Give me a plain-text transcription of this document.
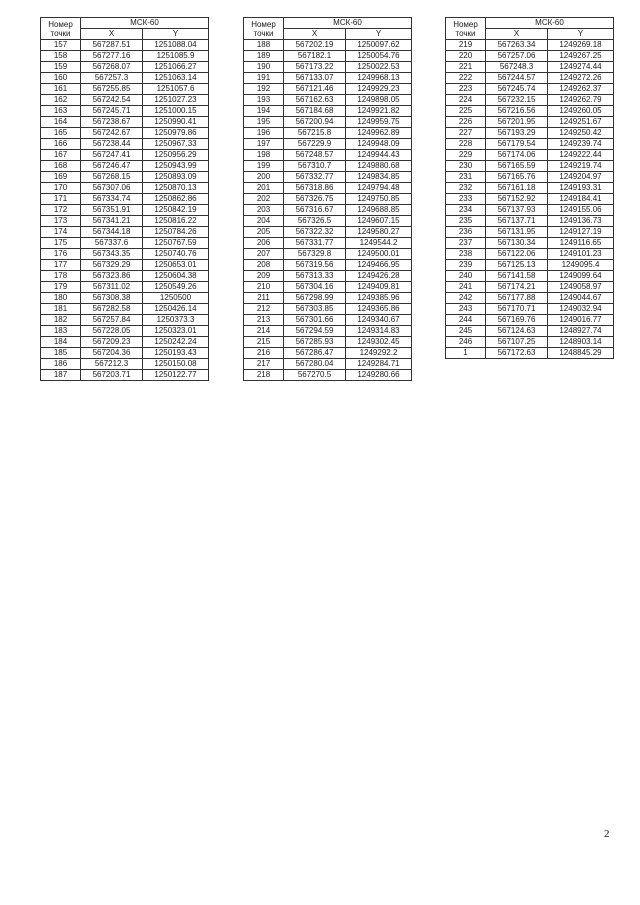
Номер
точки	МСК-60	
	X	Y
157	567287.51	1251088.04
158	567277.16	1251085.9
159	567268.07	1251066.27
160	567257.3	1251063.14
161	567255.85	1251057.6
162	567242.54	1251027.23
163	567245.71	1251000.15
164	567238.67	1250990.41
165	567242.67	1250979.86
166	567238.44	1250967.33
167	567247.41	1250956.29
168	567246.47	1250943.99
169	567268.15	1250893.09
170	567307.06	1250870.13
171	567334.74	1250862.86
172	567351.91	1250842.19
173	567341.21	1250816.22
174	567344.18	1250784.26
175	567337.6	1250767.59
176	567343.35	1250740.76
177	567329.29	1250653.01
178	567323.86	1250604.38
179	567311.02	1250549.26
180	567308.38	1250500
181	567282.58	1250426.14
182	567257.84	1250373.3
183	567228.05	1250323.01
184	567209.23	1250242.24
185	567204.36	1250193.43
186	567212.3	1250150.08
187	567203.71	1250122.77
Номер
точки	МСК-60	
	X	Y
188	567202.19	1250097.62
189	567182.1	1250054.76
190	567173.22	1250022.53
191	567133.07	1249968.13
192	567121.46	1249929.23
193	567162.63	1249898.05
194	567184.68	1249921.82
195	567200.94	1249959.75
196	567215.8	1249962.89
197	567229.9	1249948.09
198	567248.57	1249944.43
199	567310.7	1249880.68
200	567332.77	1249834.85
201	567318.86	1249794.48
202	567326.75	1249750.85
203	567316.67	1249688.85
204	567326.5	1249607.15
205	567322.32	1249580.27
206	567331.77	1249544.2
207	567329.8	1249500.01
208	567319.56	1249466.95
209	567313.33	1249426.28
210	567304.16	1249409.81
211	567298.99	1249385.96
212	567303.85	1249365.86
213	567301.66	1249340.67
214	567294.59	1249314.83
215	567285.93	1249302.45
216	567286.47	1249292.2
217	567280.04	1249284.71
218	567270.5	1249280.66
Номер
точки	МСК-60	
	X	Y
219	567263.34	1249269.18
220	567257.06	1249267.25
221	567248.3	1249274.44
222	567244.57	1249272.26
223	567245.74	1249262.37
224	567232.15	1249262.79
225	567216.56	1249260.05
226	567201.95	1249251.67
227	567193.29	1249250.42
228	567179.54	1249239.74
229	567174.06	1249222.44
230	567165.59	1249219.74
231	567165.76	1249204.97
232	567161.18	1249193.31
233	567152.92	1249184.41
234	567137.93	1249155.06
235	567137.71	1249136.73
236	567131.95	1249127.19
237	567130.34	1249116.65
238	567122.06	1249101.23
239	567125.13	1249095.4
240	567141.58	1249099.64
241	567174.21	1249058.97
242	567177.88	1249044.67
243	567170.71	1249032.94
244	567169.76	1249016.77
245	567124.63	1248927.74
246	567107.25	1248903.14
1	567172.63	1248845.29
2
